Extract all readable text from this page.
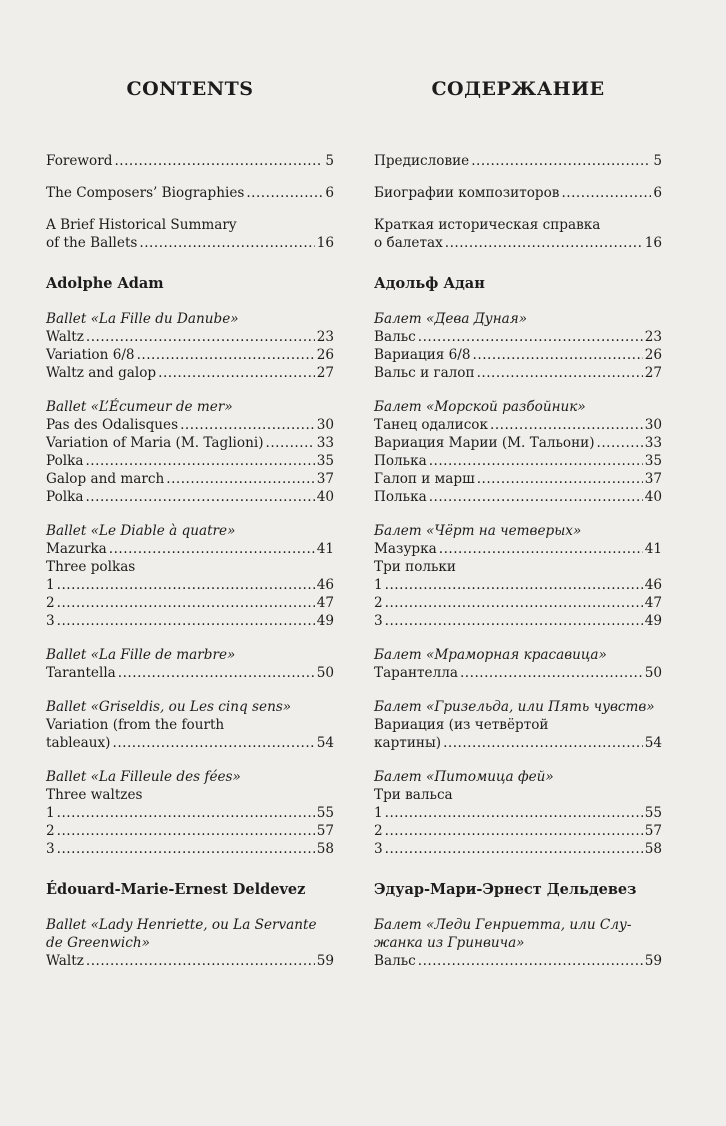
CONTENTS
Foreword .....	5
The Composers’ Biographies .....	6
A Brief Historical Summary
of the Ballets .....	16
Adolphe Adam
Ballet «La Fille du Danube»
Waltz .....	23
Variation 6/8 .....	26
Waltz and galop .....	27
Ballet «L’Écumeur de mer»
Pas des Odalisques .....	30
Variation of Maria (M. Taglioni) .....	33
Polka .....	35
Galop and march .....	37
Polka .....	40
Ballet «Le Diable à quatre»
Mazurka .....	41
Three polkas
1 .....	46
2 .....	47
3 .....	49
Ballet «La Fille de marbre»
Tarantella .....	50
Ballet «Griseldis, ou Les cinq sens»
Variation (from the fourth
tableaux) .....	54
Ballet «La Filleule des fées»
Three waltzes
1 .....	55
2 .....	57
3 .....	58
Édouard-Marie-Ernest Deldevez
Ballet «Lady Henriette, ou La Servante
de Greenwich»
Waltz .....	59
СОДЕРЖАНИЕ
Предисловие .....	5
Биографии композиторов .....	6
Краткая историческая справка
о балетах .....	16
Адольф Адан
Балет «Дева Дуная»
Вальс .....	23
Вариация 6/8 .....	26
Вальс и галоп .....	27
Балет «Морской разбойник»
Танец одалисок .....	30
Вариация Марии (М. Тальони) .....	33
Полька .....	35
Галоп и марш .....	37
Полька .....	40
Балет «Чёрт на четверых»
Мазурка .....	41
Три польки
1 .....	46
2 .....	47
3 .....	49
Балет «Мраморная красавица»
Тарантелла .....	50
Балет «Гризельда, или Пять чувств»
Вариация (из четвёртой
картины) .....	54
Балет «Питомица фей»
Три вальса
1 .....	55
2 .....	57
3 .....	58
Эдуар-Мари-Эрнест Дельдевез
Балет «Леди Генриетта, или Слу-
жанка из Гринвича»
Вальс .....	59
